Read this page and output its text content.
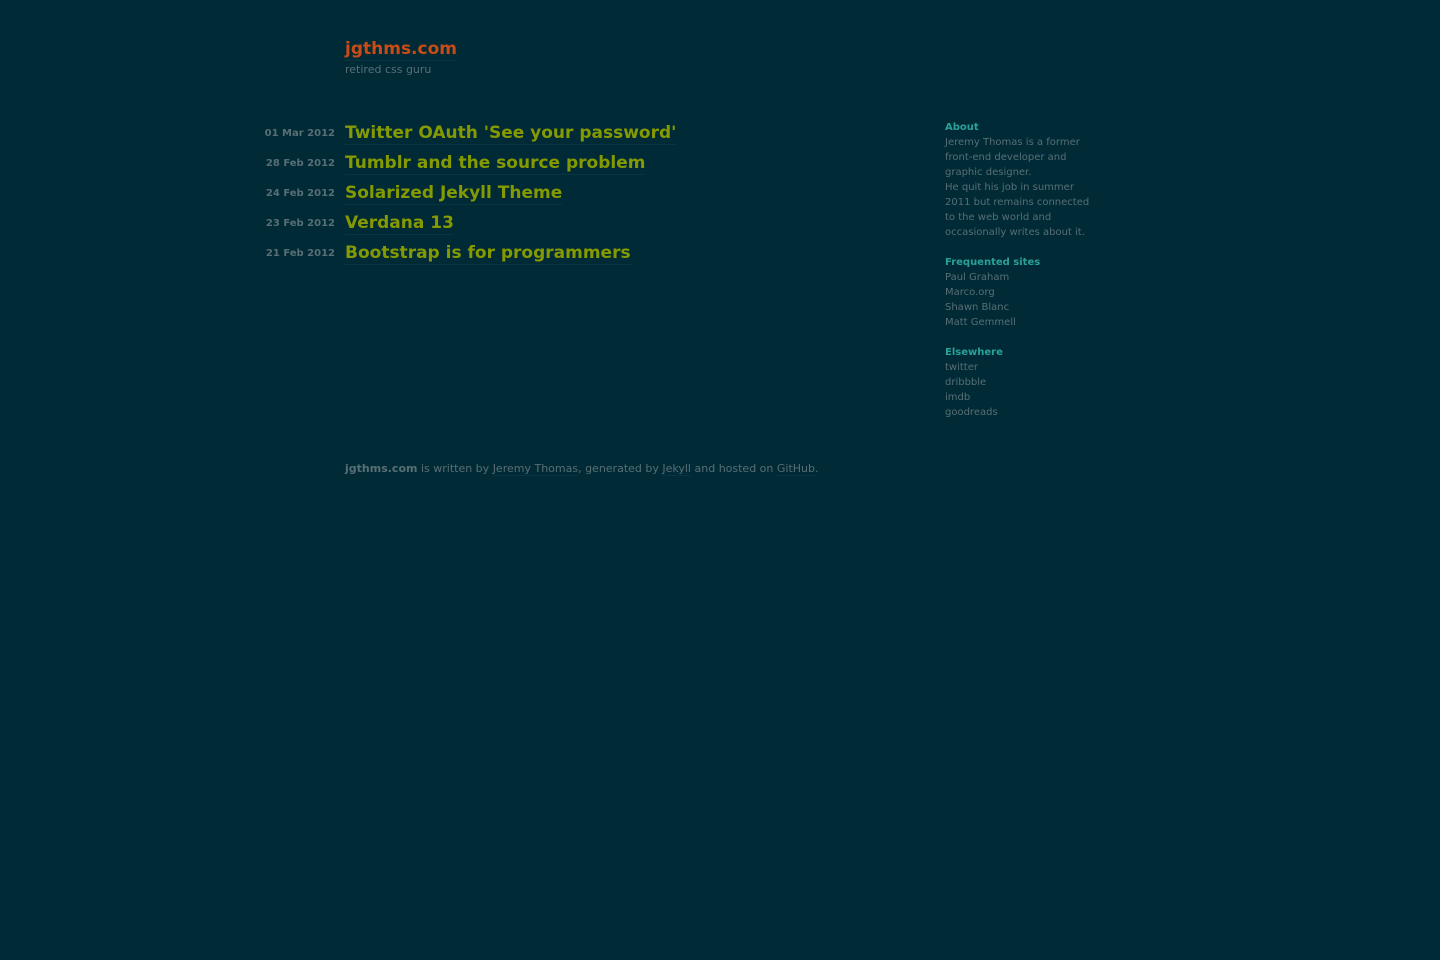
jgthms.com
retired css guru
01 Mar 2012 Twitter OAuth 'See your password'
28 Feb 2012 Tumblr and the source problem
24 Feb 2012 Solarized Jekyll Theme
23 Feb 2012 Verdana 13
21 Feb 2012 Bootstrap is for programmers
About

Jeremy Thomas is a former
front-end developer and
graphic designer.
He quit his job in summer
2011 but remains connected
to the web world and
occasionally writes about it.

Frequented sites
Paul Graham
Marco.org
Shawn Blanc
Matt Gemmell
Elsewhere
twitter
dribbble
imdb
goodreads
jgthms.com is written by Jeremy Thomas, generated by Jekyll and hosted on GitHub.
